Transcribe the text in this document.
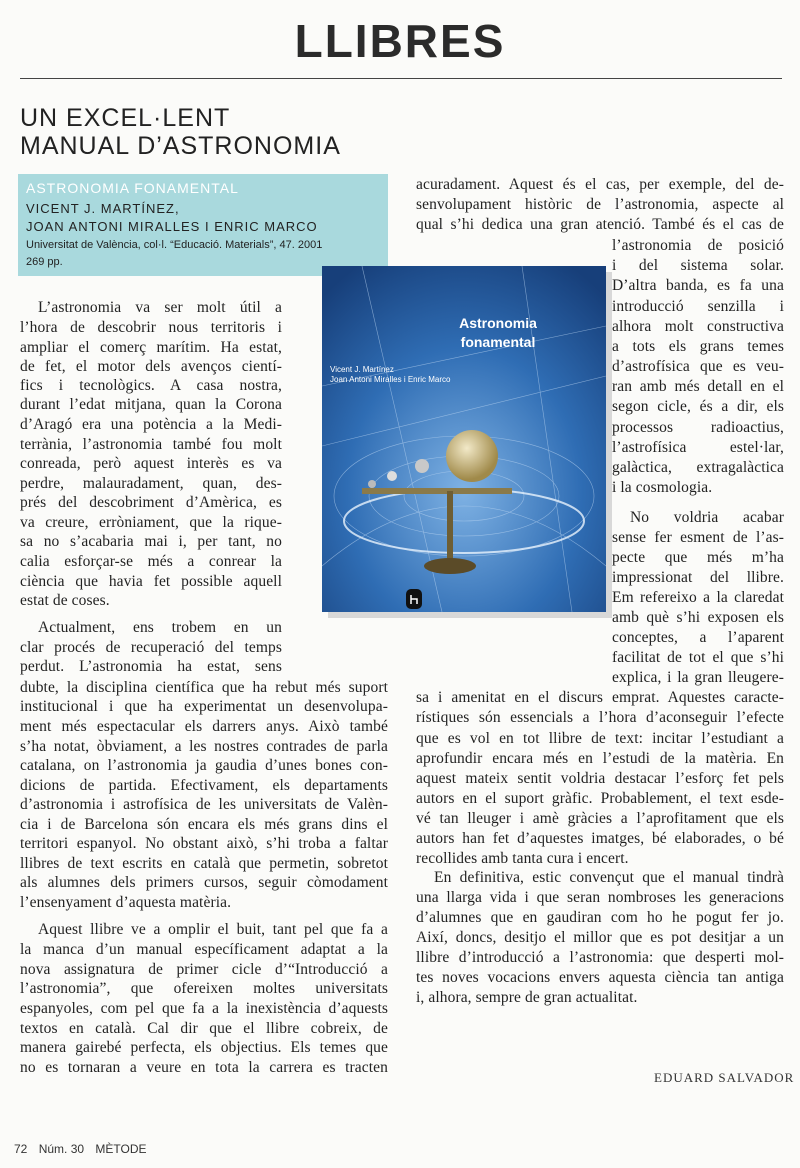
LLIBRES
UN EXCEL·LENT
MANUAL D’ASTRONOMIA
ASTRONOMIA FONAMENTAL
VICENT J. MARTÍNEZ,
JOAN ANTONI MIRALLES I ENRIC MARCO
Universitat de València, col·l. “Educació. Materials”, 47. 2001
269 pp.
Astronomia
fonamental
Vicent J. Martínez
Joan Antoni Miralles i Enric Marco
L’astronomia va ser molt útil a
l’hora de descobrir nous territoris i
ampliar el comerç marítim. Ha estat,
de fet, el motor dels avenços cientí-
fics i tecnològics. A casa nostra,
durant l’edat mitjana, quan la Corona
d’Aragó era una potència a la Medi-
terrània, l’astronomia també fou molt
conreada, però aquest interès es va
perdre, malauradament, quan, des-
prés del descobriment d’Amèrica, es
va creure, erròniament, que la rique-
sa no s’acabaria mai i, per tant, no
calia esforçar-se més a conrear la
ciència que havia fet possible aquell
estat de coses.
Actualment, ens trobem en un
clar procés de recuperació del temps
perdut. L’astronomia ha estat, sens
dubte, la disciplina científica que ha rebut més suport
institucional i que ha experimentat un desenvolupa-
ment més espectacular els darrers anys. Això també
s’ha notat, òbviament, a les nostres contrades de parla
catalana, on l’astronomia ja gaudia d’unes bones con-
dicions de partida. Efectivament, els departaments
d’astronomia i astrofísica de les universitats de Valèn-
cia i de Barcelona són encara els més grans dins el
territori espanyol. No obstant això, s’hi troba a faltar
llibres de text escrits en català que permetin, sobretot
als alumnes dels primers cursos, seguir còmodament
l’ensenyament d’aquesta matèria.
Aquest llibre ve a omplir el buit, tant pel que fa a
la manca d’un manual específicament adaptat a la
nova assignatura de primer cicle d’“Introducció a
l’astronomia”, que ofereixen moltes universitats
espanyoles, com pel que fa a la inexistència d’aquests
textos en català. Cal dir que el llibre cobreix, de
manera gairebé perfecta, els objectius. Els temes que
no es tornaran a veure en tota la carrera es tracten
acuradament. Aquest és el cas, per exemple, del de-
senvolupament històric de l’astronomia, aspecte al
qual s’hi dedica una gran atenció. També és el cas de
l’astronomia de posició
i del sistema solar.
D’altra banda, es fa una
introducció senzilla i
alhora molt constructiva
a tots els grans temes
d’astrofísica que es veu-
ran amb més detall en el
segon cicle, és a dir, els
processos radioactius,
l’astrofísica estel·lar,
galàctica, extragalàctica
i la cosmologia.
No voldria acabar
sense fer esment de l’as-
pecte que més m’ha
impressionat del llibre.
Em refereixo a la claredat
amb què s’hi exposen els
conceptes, a l’aparent
facilitat de tot el que s’hi
explica, i la gran lleugere-
sa i amenitat en el discurs emprat. Aquestes caracte-
rístiques són essencials a l’hora d’aconseguir l’efecte
que es vol en tot llibre de text: incitar l’estudiant a
aprofundir encara més en l’estudi de la matèria. En
aquest mateix sentit voldria destacar l’esforç fet pels
autors en el suport gràfic. Probablement, el text esde-
vé tan lleuger i amè gràcies a l’aprofitament que els
autors han fet d’aquestes imatges, bé elaborades, o bé
recollides amb tanta cura i encert.
En definitiva, estic convençut que el manual tindrà
una llarga vida i que seran nombroses les generacions
d’alumnes que en gaudiran com ho he pogut fer jo.
Així, doncs, desitjo el millor que es pot desitjar a un
llibre d’introducció a l’astronomia: que desperti mol-
tes noves vocacions envers aquesta ciència tan antiga
i, alhora, sempre de gran actualitat.
EDUARD SALVADOR
72 Núm. 30 MÈTODE
